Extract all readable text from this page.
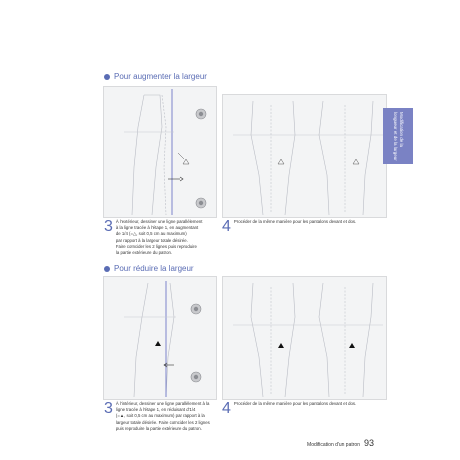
Pour augmenter la largeur
3 À l'extérieur, dessiner une ligne parallèlement
à la ligne tracée à l'étape 1, en augmentant
de 1/4 (=△, soit 0,5 cm au maximum)
par rapport à la largeur totale désirée.
Faire coïncider les 2 lignes puis reproduire
la partie extérieure du patron.
4 Procéder de la même manière pour les pantalons devant et dos.
Pour réduire la largeur
3 À l'intérieur, dessiner une ligne parallèlement à la
ligne tracée à l'étape 1, en réduisant d'1/4
(=▲, soit 0,5 cm au maximum) par rapport à la
largeur totale désirée. Faire coïncider les 2 lignes
puis reproduire la partie extérieure du patron.
4 Procéder de la même manière pour les pantalons devant et dos.
Modification de la
longueur et de la largeur
Modification d'un patron 93
